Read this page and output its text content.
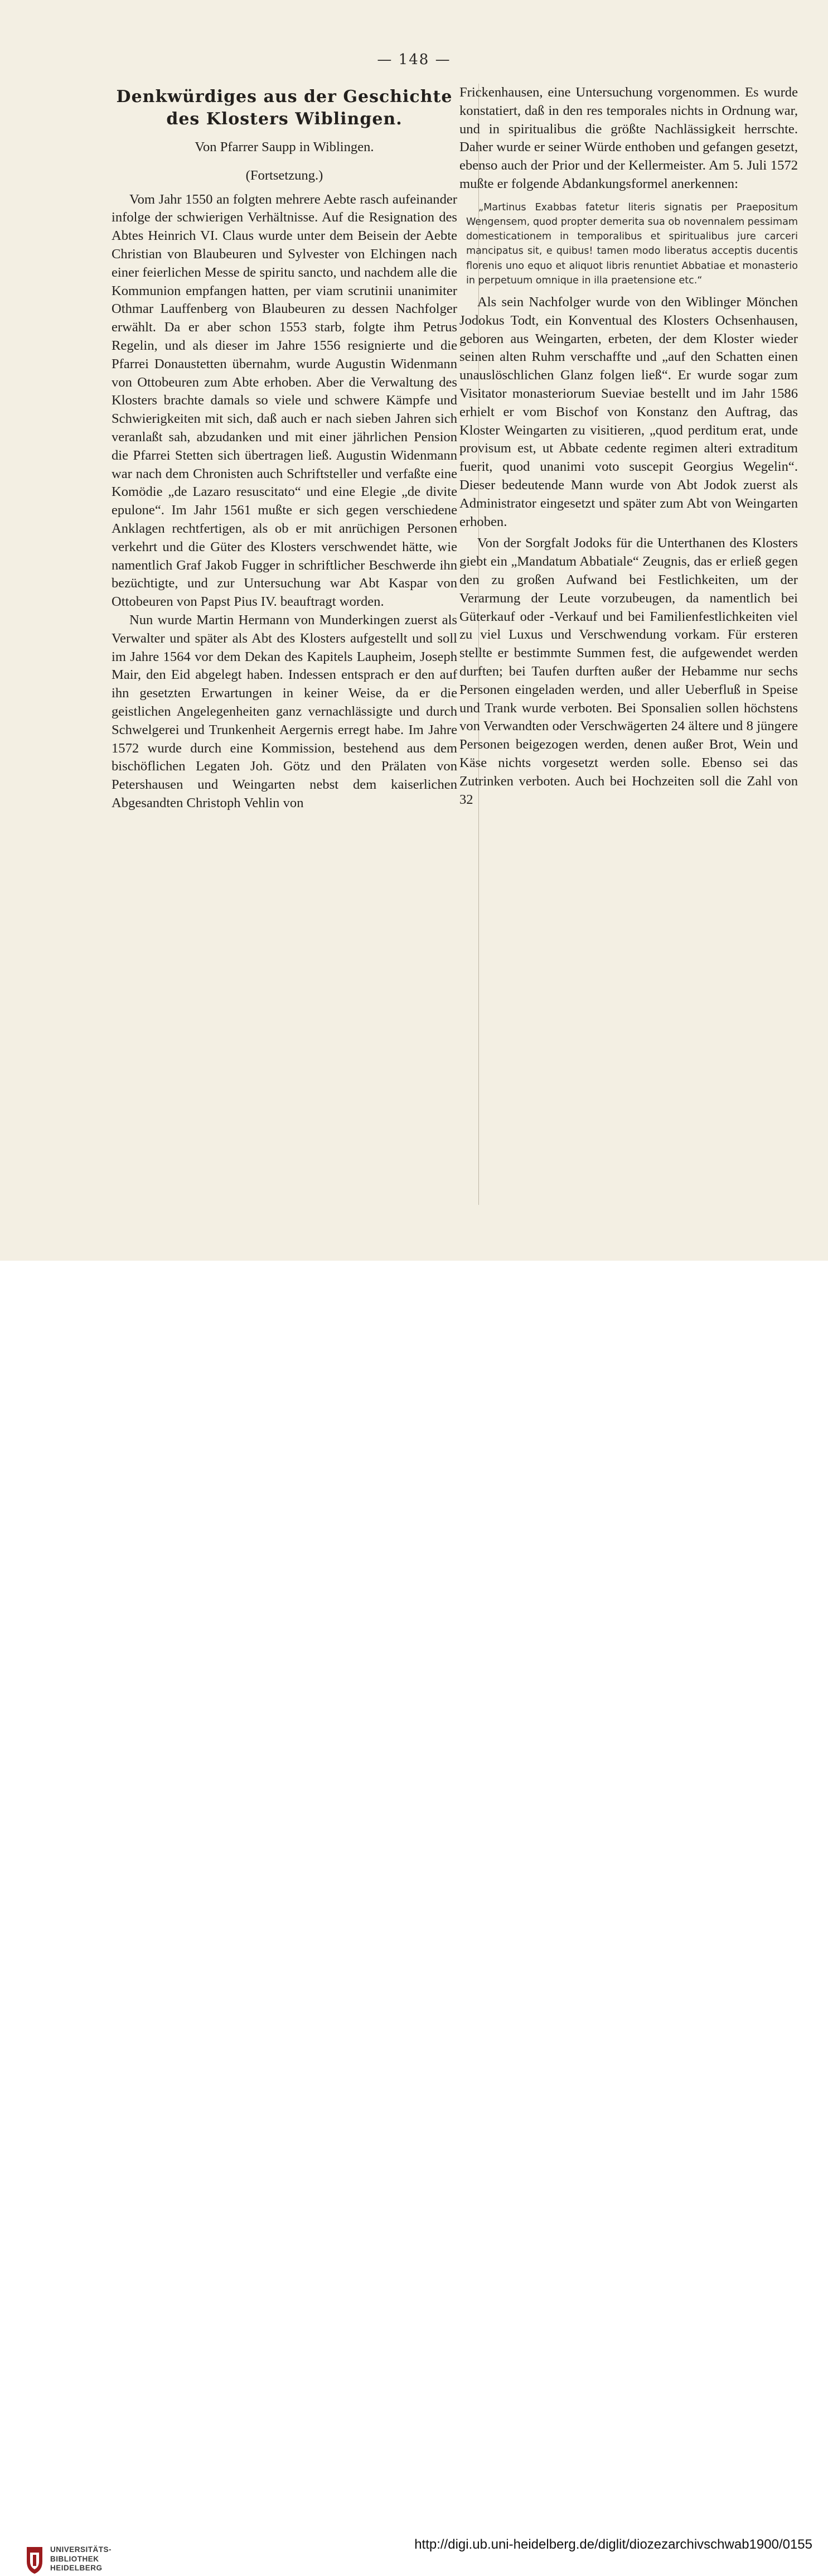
— 148 —
Denkwürdiges aus der Geschichte des Klosters Wiblingen.
Von Pfarrer Saupp in Wiblingen.
(Fortsetzung.)

Vom Jahr 1550 an folgten mehrere Aebte rasch aufeinander infolge der schwierigen Verhältnisse. Auf die Resignation des Abtes Heinrich VI. Claus wurde unter dem Beisein der Aebte Christian von Blaubeuren und Sylvester von Elchingen nach einer feierlichen Messe de spiritu sancto, und nachdem alle die Kommunion empfangen hatten, per viam scrutinii unanimiter Othmar Lauffenberg von Blaubeuren zu dessen Nachfolger erwählt. Da er aber schon 1553 starb, folgte ihm Petrus Regelin, und als dieser im Jahre 1556 resignierte und die Pfarrei Donaustetten übernahm, wurde Augustin Widenmann von Ottobeuren zum Abte erhoben. Aber die Verwaltung des Klosters brachte damals so viele und schwere Kämpfe und Schwierigkeiten mit sich, daß auch er nach sieben Jahren sich veranlaßt sah, abzudanken und mit einer jährlichen Pension die Pfarrei Stetten sich übertragen ließ. Augustin Widenmann war nach dem Chronisten auch Schriftsteller und verfaßte eine Komödie „de Lazaro resuscitato“ und eine Elegie „de divite epulone“. Im Jahr 1561 mußte er sich gegen verschiedene Anklagen rechtfertigen, als ob er mit anrüchigen Personen verkehrt und die Güter des Klosters verschwendet hätte, wie namentlich Graf Jakob Fugger in schriftlicher Beschwerde ihn bezüchtigte, und zur Untersuchung war Abt Kaspar von Ottobeuren von Papst Pius IV. beauftragt worden.

Nun wurde Martin Hermann von Munderkingen zuerst als Verwalter und später als Abt des Klosters aufgestellt und soll im Jahre 1564 vor dem Dekan des Kapitels Laupheim, Joseph Mair, den Eid abgelegt haben. Indessen entsprach er den auf ihn gesetzten Erwartungen in keiner Weise, da er die geistlichen Angelegenheiten ganz vernachlässigte und durch Schwelgerei und Trunkenheit Aergernis erregt habe. Im Jahre 1572 wurde durch eine Kommission, bestehend aus dem bischöflichen Legaten Joh. Götz und den Prälaten von Petershausen und Weingarten nebst dem kaiserlichen Abgesandten Christoph Vehlin von

Frickenhausen, eine Untersuchung vorgenommen. Es wurde konstatiert, daß in den res temporales nichts in Ordnung war, und in spiritualibus die größte Nachlässigkeit herrschte. Daher wurde er seiner Würde enthoben und gefangen gesetzt, ebenso auch der Prior und der Kellermeister. Am 5. Juli 1572 mußte er folgende Abdankungsformel anerkennen:

„Martinus Exabbas fatetur literis signatis per Praepositum Wengensem, quod propter demerita sua ob novennalem pessimam domesticationem in temporalibus et spiritualibus jure carceri mancipatus sit, e quibus! tamen modo liberatus acceptis ducentis florenis uno equo et aliquot libris renuntiet Abbatiae et monasterio in perpetuum omnique in illa praetensione etc.“

Als sein Nachfolger wurde von den Wiblinger Mönchen Jodokus Todt, ein Konventual des Klosters Ochsenhausen, geboren aus Weingarten, erbeten, der dem Kloster wieder seinen alten Ruhm verschaffte und „auf den Schatten einen unauslöschlichen Glanz folgen ließ“. Er wurde sogar zum Visitator monasteriorum Sueviae bestellt und im Jahr 1586 erhielt er vom Bischof von Konstanz den Auftrag, das Kloster Weingarten zu visitieren, „quod perditum erat, unde provisum est, ut Abbate cedente regimen alteri extraditum fuerit, quod unanimi voto suscepit Georgius Wegelin“. Dieser bedeutende Mann wurde von Abt Jodok zuerst als Administrator eingesetzt und später zum Abt von Weingarten erhoben.

Von der Sorgfalt Jodoks für die Unterthanen des Klosters giebt ein „Mandatum Abbatiale“ Zeugnis, das er erließ gegen den zu großen Aufwand bei Festlichkeiten, um der Verarmung der Leute vorzubeugen, da namentlich bei Güterkauf oder -Verkauf und bei Familienfestlichkeiten viel zu viel Luxus und Verschwendung vorkam. Für ersteren stellte er bestimmte Summen fest, die aufgewendet werden durften; bei Taufen durften außer der Hebamme nur sechs Personen eingeladen werden, und aller Ueberfluß in Speise und Trank wurde verboten. Bei Sponsalien sollen höchstens von Verwandten oder Verschwägerten 24 ältere und 8 jüngere Personen beigezogen werden, denen außer Brot, Wein und Käse nichts vorgesetzt werden solle. Ebenso sei das Zutrinken verboten. Auch bei Hochzeiten soll die Zahl von 32

UNIVERSITÄTS-
BIBLIOTHEK
HEIDELBERG
http://digi.ub.uni-heidelberg.de/diglit/diozezarchivschwab1900/0155
